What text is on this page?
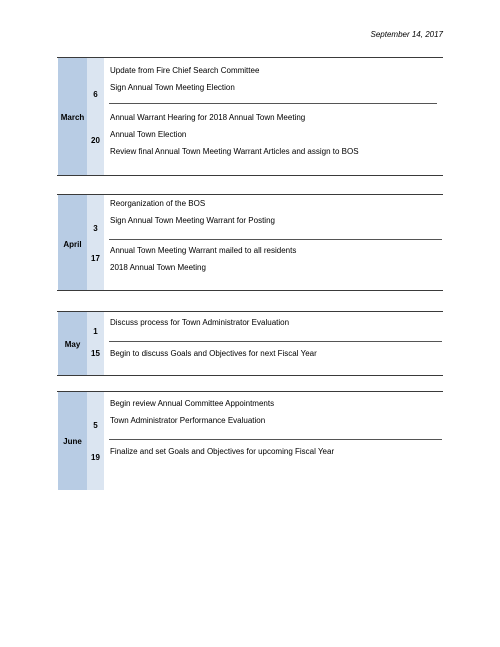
September 14, 2017
March
6
20
Update from Fire Chief Search Committee
Sign Annual Town Meeting Election
Annual Warrant Hearing for 2018 Annual Town Meeting
Annual Town Election
Review final Annual Town Meeting Warrant Articles and assign to BOS
April
3
17
Reorganization of the BOS
Sign Annual Town Meeting Warrant for Posting
Annual Town Meeting Warrant mailed to all residents
2018 Annual Town Meeting
May
1
15
Discuss process for Town Administrator Evaluation
Begin to discuss Goals and Objectives for next Fiscal Year
June
5
19
Begin review Annual Committee Appointments
Town Administrator Performance Evaluation
Finalize and set Goals and Objectives for upcoming Fiscal Year
